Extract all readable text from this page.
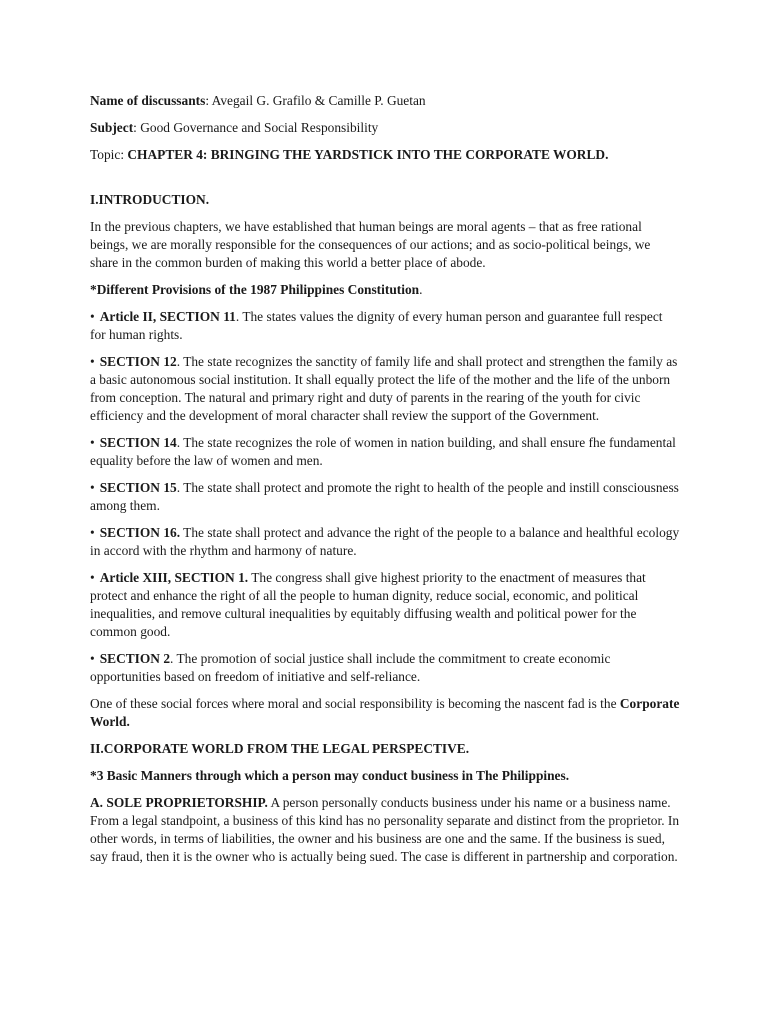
Name of discussants: Avegail G. Grafilo & Camille P. Guetan

Subject: Good Governance and Social Responsibility

Topic: CHAPTER 4: BRINGING THE YARDSTICK INTO THE CORPORATE WORLD.

I.INTRODUCTION.

In the previous chapters, we have established that human beings are moral agents – that as free rational beings, we are morally responsible for the consequences of our actions; and as socio-political beings, we share in the common burden of making this world a better place of abode.

*Different Provisions of the 1987 Philippines Constitution.

• Article II, SECTION 11. The states values the dignity of every human person and guarantee full respect for human rights.

• SECTION 12. The state recognizes the sanctity of family life and shall protect and strengthen the family as a basic autonomous social institution. It shall equally protect the life of the mother and the life of the unborn from conception. The natural and primary right and duty of parents in the rearing of the youth for civic efficiency and the development of moral character shall review the support of the Government.

• SECTION 14. The state recognizes the role of women in nation building, and shall ensure fhe fundamental equality before the law of women and men.

• SECTION 15. The state shall protect and promote the right to health of the people and instill consciousness among them.

• SECTION 16. The state shall protect and advance the right of the people to a balance and healthful ecology in accord with the rhythm and harmony of nature.

• Article XIII, SECTION 1. The congress shall give highest priority to the enactment of measures that protect and enhance the right of all the people to human dignity, reduce social, economic, and political inequalities, and remove cultural inequalities by equitably diffusing wealth and political power for the common good.

• SECTION 2. The promotion of social justice shall include the commitment to create economic opportunities based on freedom of initiative and self-reliance.

One of these social forces where moral and social responsibility is becoming the nascent fad is the Corporate World.

II.CORPORATE WORLD FROM THE LEGAL PERSPECTIVE.

*3 Basic Manners through which a person may conduct business in The Philippines.

A. SOLE PROPRIETORSHIP. A person personally conducts business under his name or a business name. From a legal standpoint, a business of this kind has no personality separate and distinct from the proprietor. In other words, in terms of liabilities, the owner and his business are one and the same. If the business is sued, say fraud, then it is the owner who is actually being sued. The case is different in partnership and corporation.
